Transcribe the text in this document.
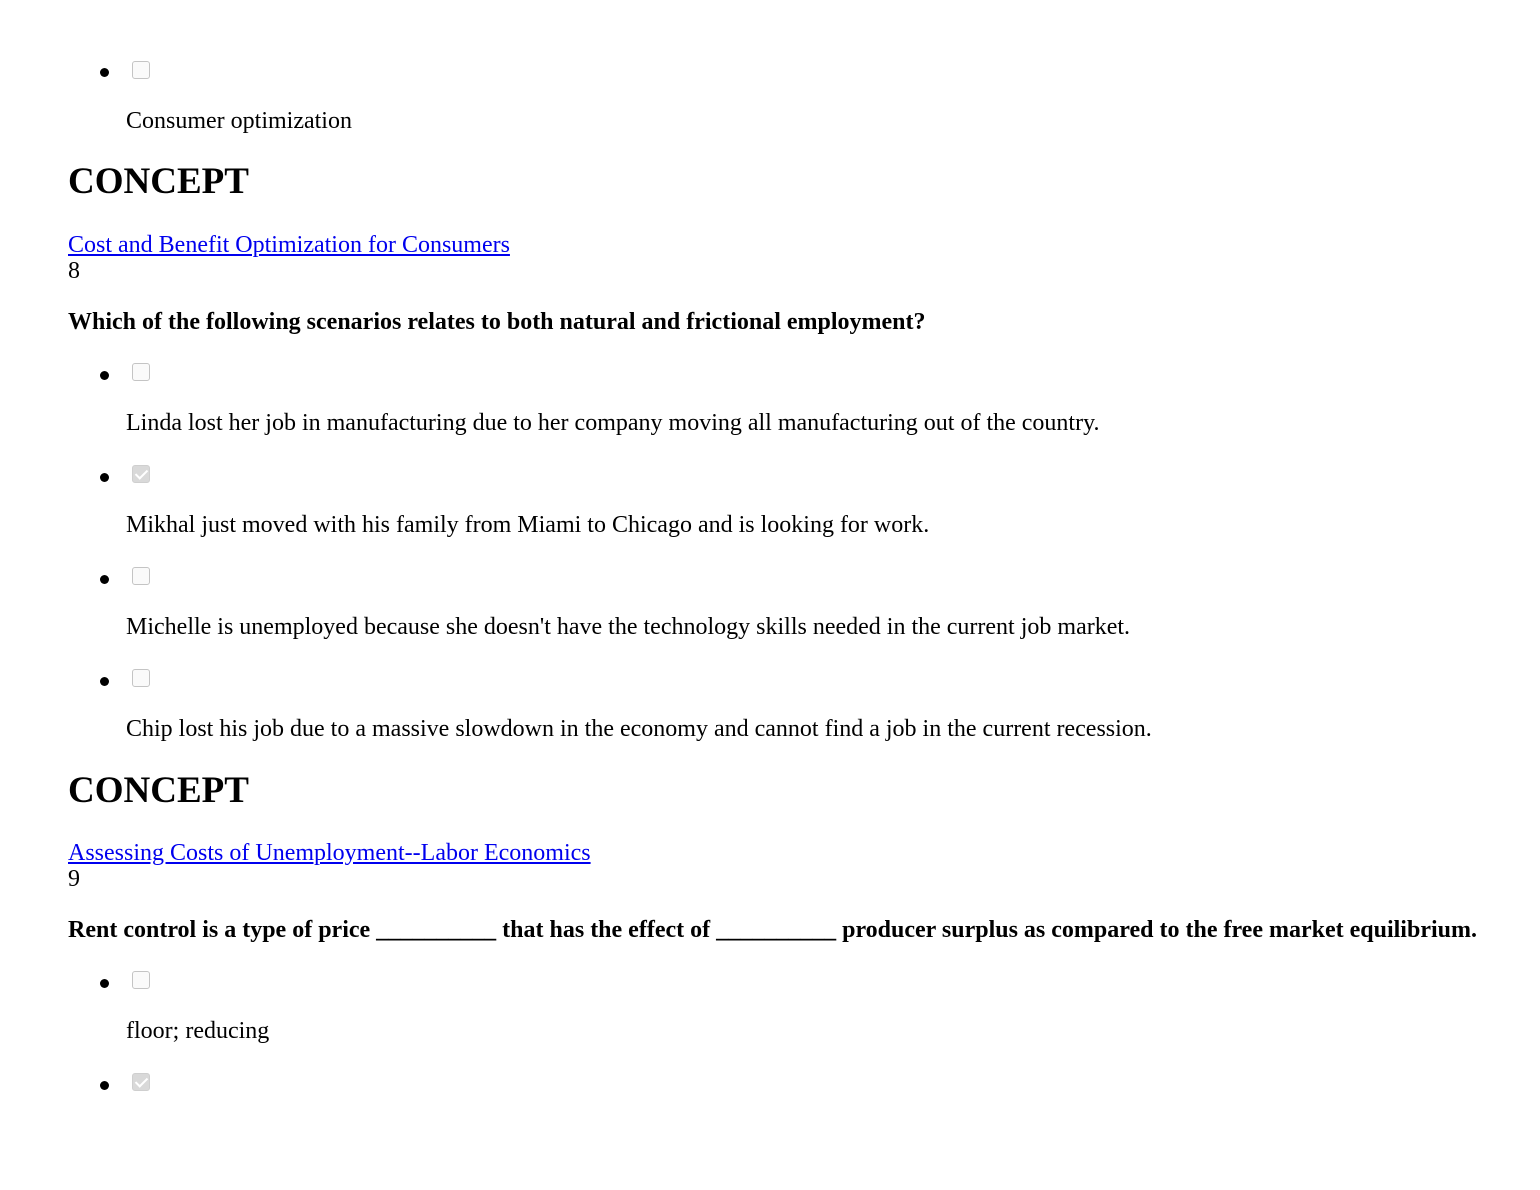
Consumer optimization
CONCEPT
Cost and Benefit Optimization for Consumers
8

Which of the following scenarios relates to both natural and frictional employment?

Linda lost her job in manufacturing due to her company moving all manufacturing out of the country.
Mikhal just moved with his family from Miami to Chicago and is looking for work.
Michelle is unemployed because she doesn't have the technology skills needed in the current job market.
Chip lost his job due to a massive slowdown in the economy and cannot find a job in the current recession.
CONCEPT
Assessing Costs of Unemployment--Labor Economics
9

Rent control is a type of price __________ that has the effect of __________ producer surplus as compared to the free market equilibrium.

floor; reducing
